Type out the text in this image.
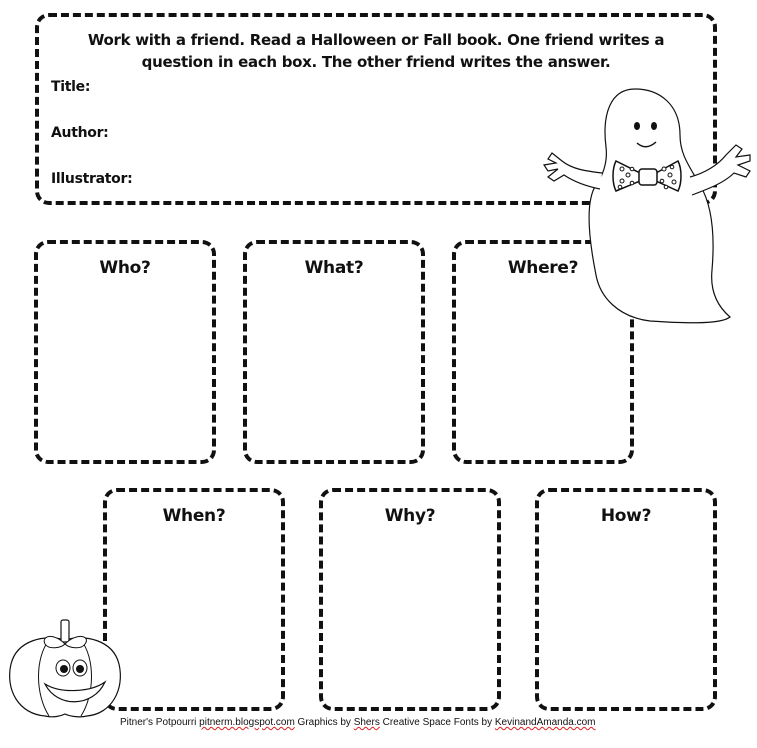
Work with a friend. Read a Halloween or Fall book. One friend writes a question in each box. The other friend writes the answer.
Title:
Author:
Illustrator:
Who?	What?	Where?
When?	Why?	How?
Pitner's Potpourri pitnerm.blogspot.com Graphics by Shers Creative Space Fonts by KevinandAmanda.com
